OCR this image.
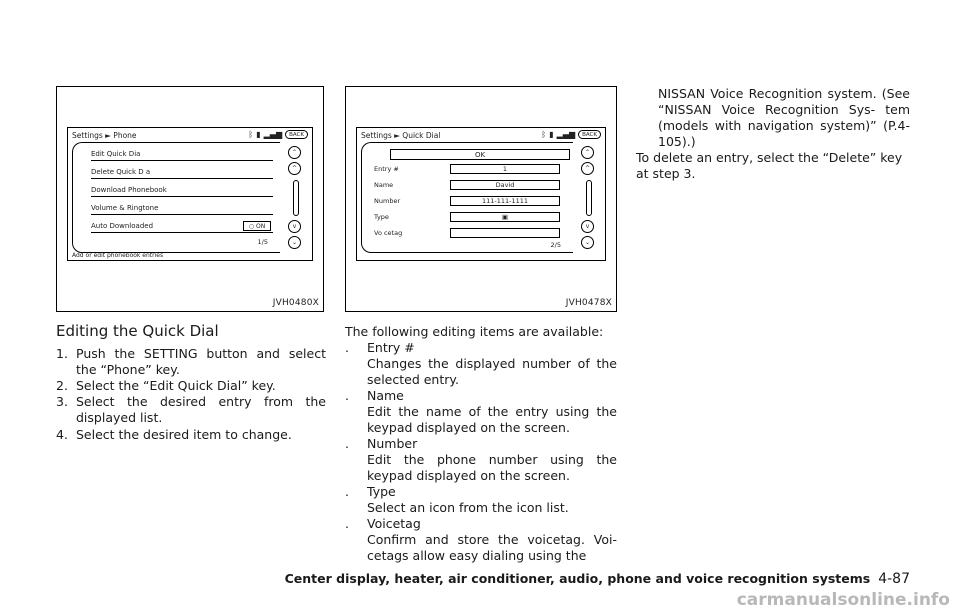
Settings ► Phone	ᛒ ▮ ▂▄▆	BACK
Edit Quick Dia
Delete Quick D a
Download Phonebook
Volume & Ringtone
Auto Downloaded	○ ON
1/5
⌃
^
v
⌄
Add or edit phonebook entries
JVH0480X
Settings ► Quick Dial	ᛒ ▮ ▂▄▆	BACK
OK
Entry #	1
Name	David
Number	111-111-1111
Type	▣
Vo cetag
2/5
⌃
^
v
⌄
JVH0478X
Editing the Quick Dial
1. Push the SETTING button and select the “Phone” key.
2. Select the “Edit Quick Dial” key.
3. Select the desired entry from the displayed list.
4. Select the desired item to change.
The following editing items are available:
.	Entry #
Changes the displayed number of the selected entry.
.	Name
Edit the name of the entry using the keypad displayed on the screen.
.	Number
Edit the phone number using the keypad displayed on the screen.
.	Type
Select an icon from the icon list.
.	Voicetag
Confirm and store the voicetag. Voi- cetags allow easy dialing using the
NISSAN Voice Recognition system. (See “NISSAN Voice Recognition Sys- tem (models with navigation system)” (P.4-105).)
To delete an entry, select the “Delete” key at step 3.
Center display, heater, air conditioner, audio, phone and voice recognition systems 4-87
carmanualsonline.info
